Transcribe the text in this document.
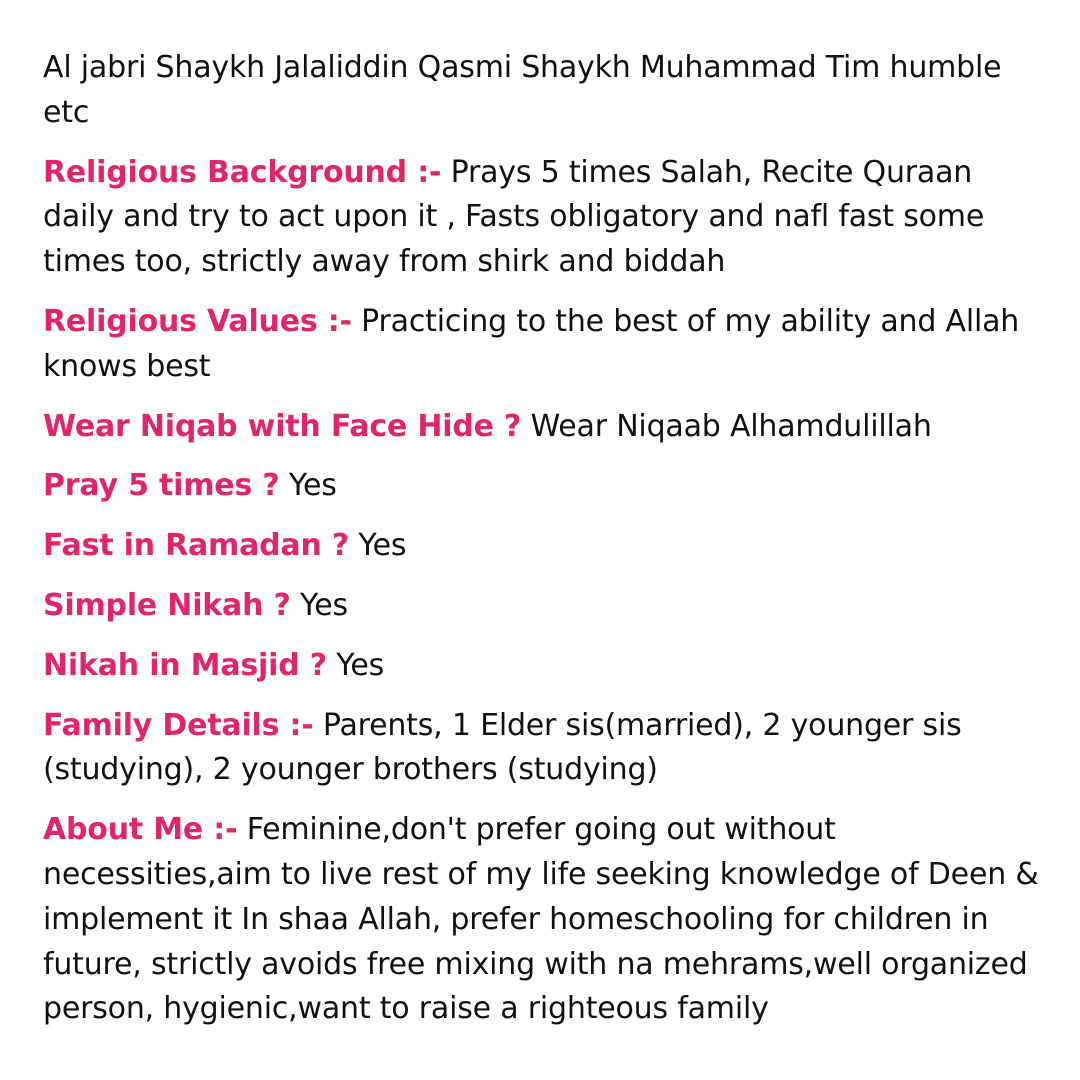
Al jabri Shaykh Jalaliddin Qasmi Shaykh Muhammad Tim humble etc

Religious Background :- Prays 5 times Salah, Recite Quraan daily and try to act upon it , Fasts obligatory and nafl fast some times too, strictly away from shirk and biddah

Religious Values :- Practicing to the best of my ability and Allah knows best

Wear Niqab with Face Hide ? Wear Niqaab Alhamdulillah

Pray 5 times ? Yes

Fast in Ramadan ? Yes

Simple Nikah ? Yes

Nikah in Masjid ? Yes

Family Details :- Parents, 1 Elder sis(married), 2 younger sis (studying), 2 younger brothers (studying)

About Me :- Feminine,don't prefer going out without necessities,aim to live rest of my life seeking knowledge of Deen & implement it In shaa Allah, prefer homeschooling for children in future, strictly avoids free mixing with na mehrams,well organized person, hygienic,want to raise a righteous family
